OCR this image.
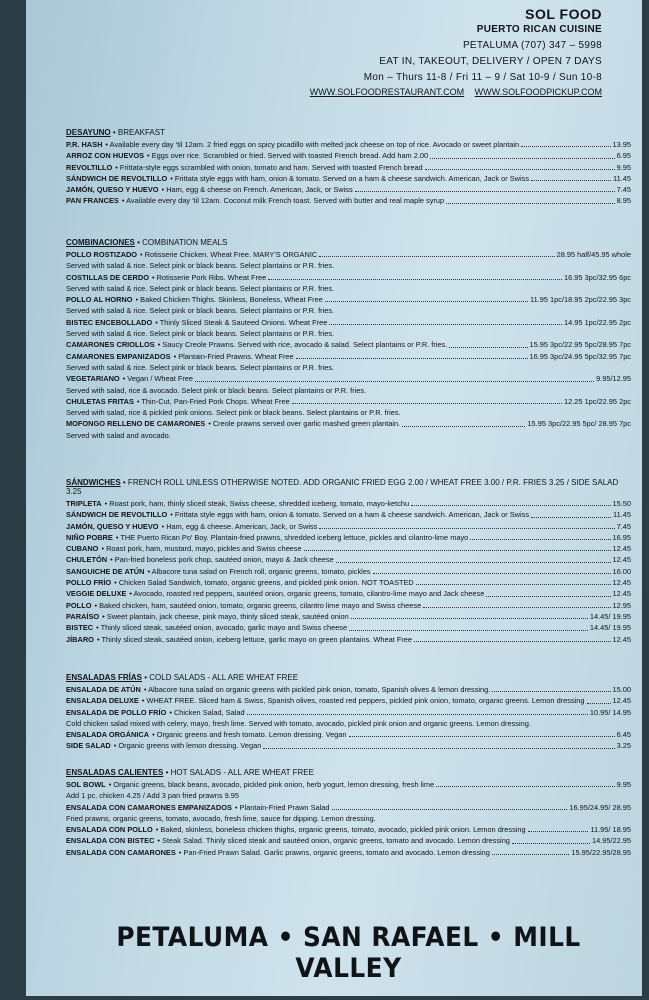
SOL FOOD
PUERTO RICAN CUISINE
PETALUMA (707) 347 – 5998
EAT IN, TAKEOUT, DELIVERY / OPEN 7 DAYS
Mon – Thurs 11-8 / Fri 11 – 9 / Sat 10-9 / Sun 10-8
WWW.SOLFOODRESTAURANT.COM WWW.SOLFOODPICKUP.COM
DESAYUNO • BREAKFAST
P.R. HASH • Available every day 'til 12am. 2 fried eggs on spicy picadillo with melted jack cheese on top of rice. Avocado or sweet plantain	13.95
ARROZ CON HUEVOS • Eggs over rice. Scrambled or fried. Served with toasted French bread. Add ham 2.00	6.95
REVOLTILLO • Frittata-style eggs scrambled with onion, tomato and ham. Served with toasted French bread	9.95
SÁNDWICH DE REVOLTILLO • Frittata style eggs with ham, onion & tomato. Served on a ham & cheese sandwich. American, Jack or Swiss	11.45
JAMÓN, QUESO Y HUEVO • Ham, egg & cheese on French. American, Jack, or Swiss	7.45
PAN FRANCES • Available every day 'til 12am. Coconut milk French toast. Served with butter and real maple syrup	8.95
COMBINACIONES • COMBINATION MEALS
POLLO ROSTIZADO • Rotisserie Chicken. Wheat Free. MARY'S ORGANIC	28.95 half/45.95 whole
Served with salad & rice. Select pink or black beans. Select plantains or P.R. fries.
COSTILLAS DE CERDO • Rotisserie Pork Ribs. Wheat Free	16.95 3pc/32.95 6pc
Served with salad & rice. Select pink or black beans. Select plantains or P.R. fries.
POLLO AL HORNO • Baked Chicken Thighs. Skinless, Boneless, Wheat Free	11.95 1pc/18.95 2pc/22.95 3pc
Served with salad & rice. Select pink or black beans. Select plantains or P.R. fries.
BISTEC ENCEBOLLADO • Thinly Sliced Steak & Sauteed Onions. Wheat Free	14.95 1pc/22.95 2pc
Served with salad & rice. Select pink or black beans. Select plantains or P.R. fries.
CAMARONES CRIOLLOS • Saucy Creole Prawns. Served with rice, avocado & salad. Select plantains or P.R. fries.	15.95 3pc/22.95 5pc/28.95 7pc
CAMARONES EMPANIZADOS • Plantain-Fried Prawns. Wheat Free	16.95 3pc/24.95 5pc/32.95 7pc
Served with salad & rice. Select pink or black beans. Select plantains or P.R. fries.
VEGETARIANO • Vegan / Wheat Free	9.95/12.95
Served with salad, rice & avocado. Select pink or black beans. Select plantains or P.R. fries.
CHULETAS FRITAS • Thin-Cut, Pan-Fried Pork Chops. Wheat Free	12.25 1pc/22.95 2pc
Served with salad, rice & pickled pink onions. Select pink or black beans. Select plantains or P.R. fries.
MOFONGO RELLENO DE CAMARONES • Creole prawns served over garlic mashed green plantain.	15.95 3pc/22.95 5pc/ 28.95 7pc
Served with salad and avocado.
SÁNDWICHES • FRENCH ROLL UNLESS OTHERWISE NOTED. ADD ORGANIC FRIED EGG 2.00 / WHEAT FREE 3.00 / P.R. FRIES 3.25 / SIDE SALAD 3.25
TRIPLETA • Roast pork, ham, thinly sliced steak, Swiss cheese, shredded iceberg, tomato, mayo-ketchu	15.50
SÁNDWICH DE REVOLTILLO • Frittata style eggs with ham, onion & tomato. Served on a ham & cheese sandwich. American, Jack or Swiss	11.45
JAMÓN, QUESO Y HUEVO • Ham, egg & cheese. American, Jack, or Swiss	7.45
NIÑO POBRE • THE Puerto Rican Po' Boy. Plantain-fried prawns, shredded iceberg lettuce, pickles and cilantro-lime mayo	16.95
CUBANO • Roast pork, ham, mustard, mayo, pickles and Swiss cheese	12.45
CHULETÓN • Pan-fried boneless pork chop, sautéed onion, mayo & Jack cheese	12.45
SANGUICHE DE ATÚN • Albacore tuna salad on French roll, organic greens, tomato, pickles	16.00
POLLO FRÍO • Chicken Salad Sandwich, tomato, organic greens, and pickled pink onion. NOT TOASTED	12.45
VEGGIE DELUXE • Avocado, roasted red peppers, sautéed onion, organic greens, tomato, cilantro-lime mayo and Jack cheese	12.45
POLLO • Baked chicken, ham, sautéed onion, tomato, organic greens, cilantro lime mayo and Swiss cheese	12.95
PARAÍSO • Sweet plantain, jack cheese, pink mayo, thinly sliced steak, sautéed onion	14.45/ 19.95
BISTEC • Thinly sliced steak, sautéed onion, avocado, garlic mayo and Swiss cheese	14.45/ 19.95
JÍBARO • Thinly sliced steak, sautéed onion, iceberg lettuce, garlic mayo on green plantains. Wheat Free	12.45
ENSALADAS FRÍAS • COLD SALADS - ALL ARE WHEAT FREE
ENSALADA DE ATÚN • Albacore tuna salad on organic greens with pickled pink onion, tomato, Spanish olives & lemon dressing.	15.00
ENSALADA DELUXE • WHEAT FREE. Sliced ham & Swiss, Spanish olives, roasted red peppers, pickled pink onion, tomato, organic greens. Lemon dressing	12.45
ENSALADA DE POLLO FRÍO • Chicken Salad, Salad	10.95/ 14.95
Cold chicken salad mixed with celery, mayo, fresh lime. Served with tomato, avocado, pickled pink onion and organic greens. Lemon dressing.
ENSALADA ORGÁNICA • Organic greens and fresh tomato. Lemon dressing. Vegan	6.45
SIDE SALAD • Organic greens with lemon dressing. Vegan	3.25
ENSALADAS CALIENTES • HOT SALADS - ALL ARE WHEAT FREE
SOL BOWL • Organic greens, black beans, avocado, pickled pink onion, herb yogurt, lemon dressing, fresh lime	9.95
Add 1 pc. chicken 4.25 / Add 3 pan fried prawns 9.95
ENSALADA CON CAMARONES EMPANIZADOS • Plantain-Fried Prawn Salad	16.95/24.95/ 28.95
Fried prawns, organic greens, tomato, avocado, fresh lime, sauce for dipping. Lemon dressing.
ENSALADA CON POLLO • Baked, skinless, boneless chicken thighs, organic greens, tomato, avocado, pickled pink onion. Lemon dressing	11.95/ 18.95
ENSALADA CON BISTEC • Steak Salad. Thinly sliced steak and sautéed onion, organic greens, tomato and avocado. Lemon dressing	14.95/22.95
ENSALADA CON CAMARONES • Pan-Fried Prawn Salad. Garlic prawns, organic greens, tomato and avocado. Lemon dressing	15.95/22.95/28.95
PETALUMA • SAN RAFAEL • MILL VALLEY
